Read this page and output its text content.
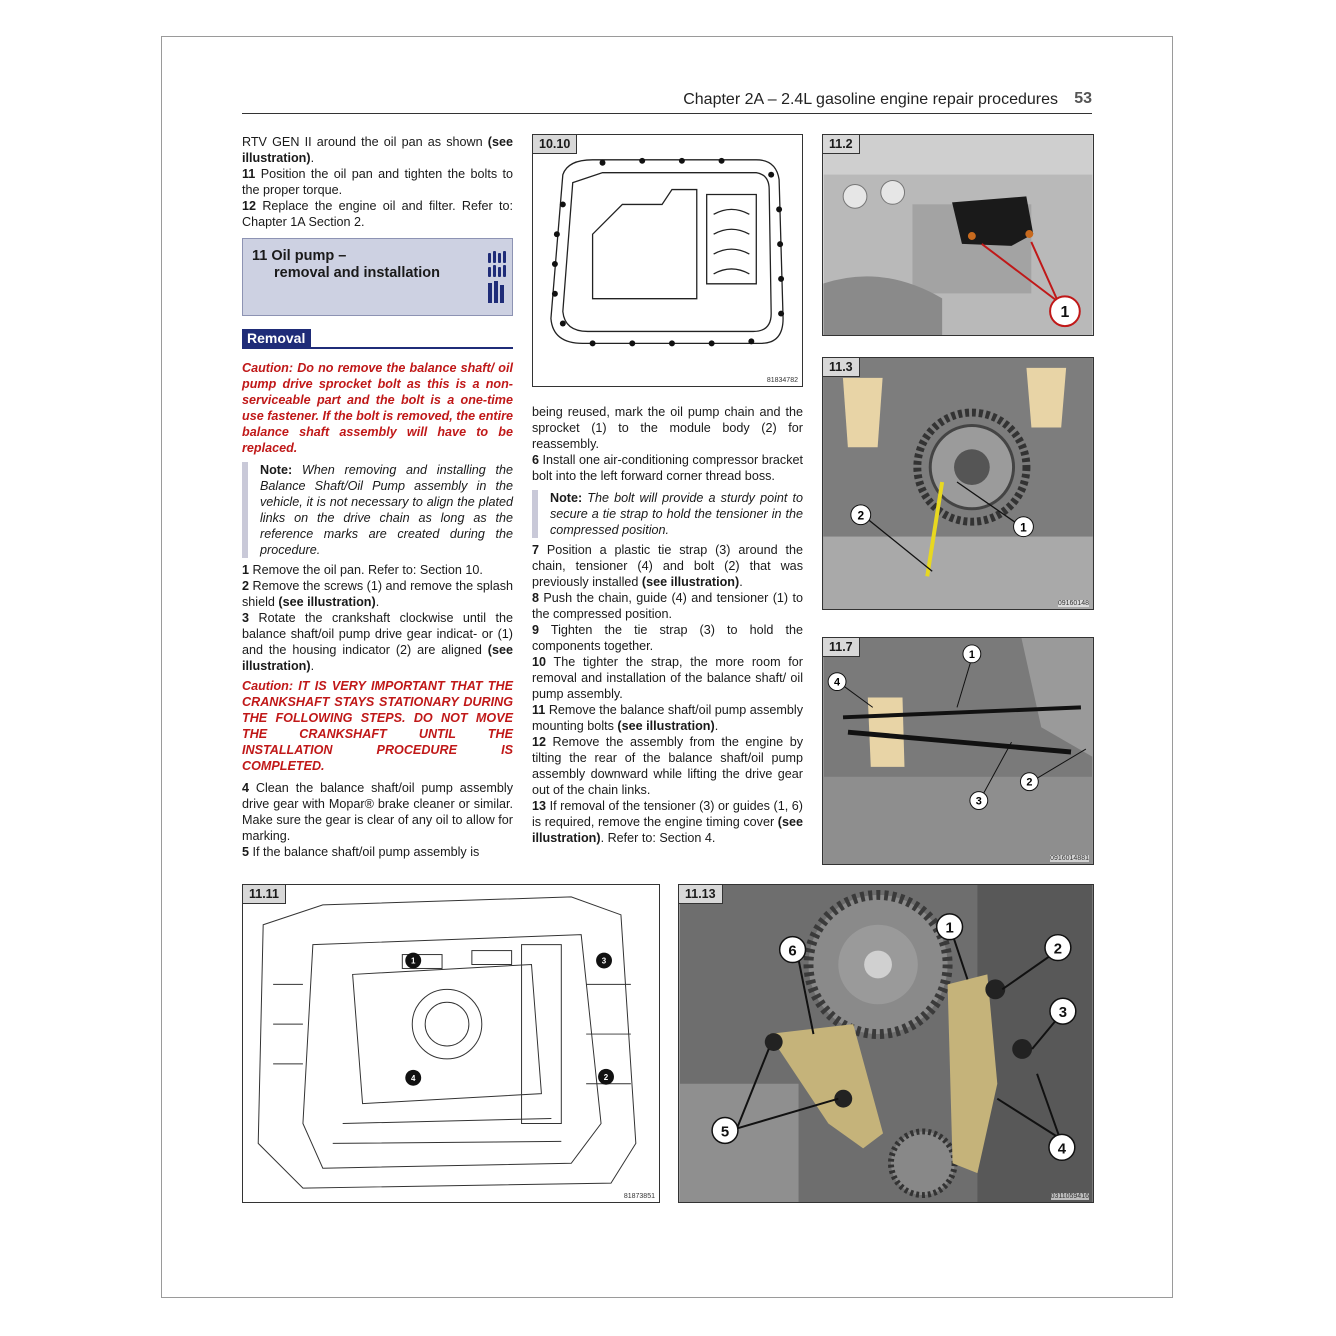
Chapter 2A – 2.4L gasoline engine repair procedures 53

RTV GEN II around the oil pan as shown (see illustration).

11 Position the oil pan and tighten the bolts to the proper torque.

12 Replace the engine oil and filter. Refer to: Chapter 1A Section 2.

11 Oil pump –
removal and installation
Removal

Caution: Do no remove the balance shaft/ oil pump drive sprocket bolt as this is a non-serviceable part and the bolt is a one-time use fastener. If the bolt is removed, the entire balance shaft assembly will have to be replaced.

Note: When removing and installing the Balance Shaft/Oil Pump assembly in the vehicle, it is not necessary to align the plated links on the drive chain as long as the reference marks are created during the procedure.

1 Remove the oil pan. Refer to: Section 10.

2 Remove the screws (1) and remove the splash shield (see illustration).

3 Rotate the crankshaft clockwise until the balance shaft/oil pump drive gear indicat- or (1) and the housing indicator (2) are aligned (see illustration).

Caution: IT IS VERY IMPORTANT THAT THE CRANKSHAFT STAYS STATIONARY DURING THE FOLLOWING STEPS. DO NOT MOVE THE CRANKSHAFT UNTIL THE INSTALLATION PROCEDURE IS COMPLETED.

4 Clean the balance shaft/oil pump assembly drive gear with Mopar® brake cleaner or similar. Make sure the gear is clear of any oil to allow for marking.

5 If the balance shaft/oil pump assembly is

10.10
81834782

being reused, mark the oil pump chain and the sprocket (1) to the module body (2) for reassembly.

6 Install one air-conditioning compressor bracket bolt into the left forward corner thread boss.

Note: The bolt will provide a sturdy point to secure a tie strap to hold the tensioner in the compressed position.

7 Position a plastic tie strap (3) around the chain, tensioner (4) and bolt (2) that was previously installed (see illustration).

8 Push the chain, guide (4) and tensioner (1) to the compressed position.

9 Tighten the tie strap (3) to hold the components together.

10 The tighter the strap, the more room for removal and installation of the balance shaft/ oil pump assembly.

11 Remove the balance shaft/oil pump assembly mounting bolts (see illustration).

12 Remove the assembly from the engine by tilting the rear of the balance shaft/oil pump assembly downward while lifting the drive gear out of the chain links.

13 If removal of the tensioner (3) or guides (1, 6) is required, remove the engine timing cover (see illustration). Refer to: Section 4.

11.2
1
11.3
2
1
09160148
11.7
1
2
3
4
0916014881
11.11
1	3
4	2
81873851
11.13
6
1
2
3
5
4
0311059416
